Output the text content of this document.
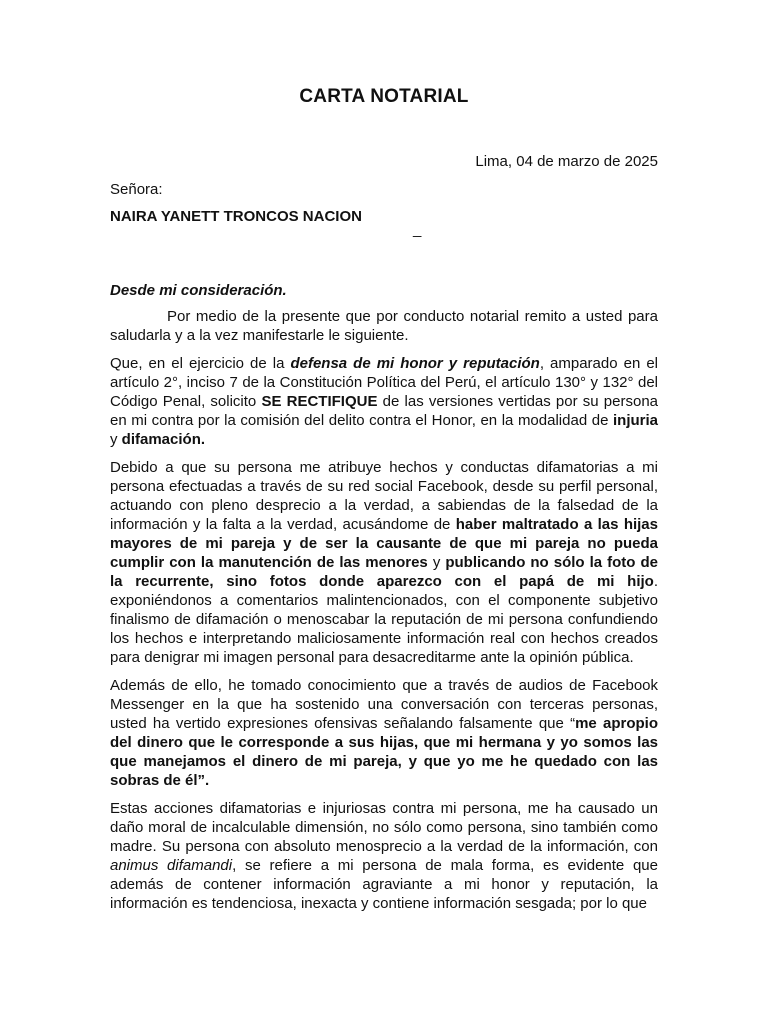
CARTA NOTARIAL
Lima, 04 de marzo de 2025
Señora:
NAIRA YANETT TRONCOS NACION
_
Desde mi consideración.

Por medio de la presente que por conducto notarial remito a usted para saludarla y a la vez manifestarle le siguiente.

Que, en el ejercicio de la defensa de mi honor y reputación, amparado en el artículo 2°, inciso 7 de la Constitución Política del Perú, el artículo 130° y 132° del Código Penal, solicito SE RECTIFIQUE de las versiones vertidas por su persona en mi contra por la comisión del delito contra el Honor, en la modalidad de injuria y difamación.

Debido a que su persona me atribuye hechos y conductas difamatorias a mi persona efectuadas a través de su red social Facebook, desde su perfil personal, actuando con pleno desprecio a la verdad, a sabiendas de la falsedad de la información y la falta a la verdad, acusándome de haber maltratado a las hijas mayores de mi pareja y de ser la causante de que mi pareja no pueda cumplir con la manutención de las menores y publicando no sólo la foto de la recurrente, sino fotos donde aparezco con el papá de mi hijo. exponiéndonos a comentarios malintencionados, con el componente subjetivo finalismo de difamación o menoscabar la reputación de mi persona confundiendo los hechos e interpretando maliciosamente información real con hechos creados para denigrar mi imagen personal para desacreditarme ante la opinión pública.

Además de ello, he tomado conocimiento que a través de audios de Facebook Messenger en la que ha sostenido una conversación con terceras personas, usted ha vertido expresiones ofensivas señalando falsamente que “me apropio del dinero que le corresponde a sus hijas, que mi hermana y yo somos las que manejamos el dinero de mi pareja, y que yo me he quedado con las sobras de él”.

Estas acciones difamatorias e injuriosas contra mi persona, me ha causado un daño moral de incalculable dimensión, no sólo como persona, sino también como madre. Su persona con absoluto menosprecio a la verdad de la información, con animus difamandi, se refiere a mi persona de mala forma, es evidente que además de contener información agraviante a mi honor y reputación, la información es tendenciosa, inexacta y contiene información sesgada; por lo que
